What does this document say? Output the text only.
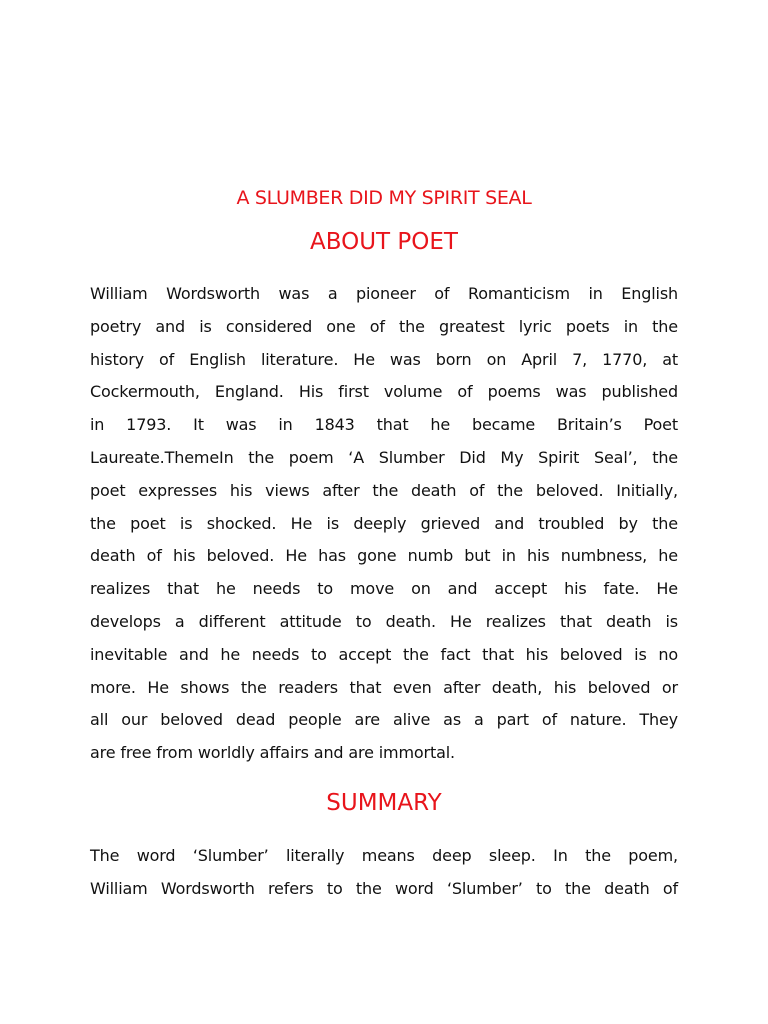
A SLUMBER DID MY SPIRIT SEAL
ABOUT POET
William Wordsworth was a pioneer of Romanticism in English
poetry and is considered one of the greatest lyric poets in the
history of English literature. He was born on April 7, 1770, at
Cockermouth, England. His first volume of poems was published
in 1793. It was in 1843 that he became Britain’s Poet
Laureate.ThemeIn the poem ‘A Slumber Did My Spirit Seal’, the
poet expresses his views after the death of the beloved. Initially,
the poet is shocked. He is deeply grieved and troubled by the
death of his beloved. He has gone numb but in his numbness, he
realizes that he needs to move on and accept his fate. He
develops a different attitude to death. He realizes that death is
inevitable and he needs to accept the fact that his beloved is no
more. He shows the readers that even after death, his beloved or
all our beloved dead people are alive as a part of nature. They
are free from worldly affairs and are immortal.
SUMMARY
The word ‘Slumber’ literally means deep sleep. In the poem,
William Wordsworth refers to the word ‘Slumber’ to the death of
